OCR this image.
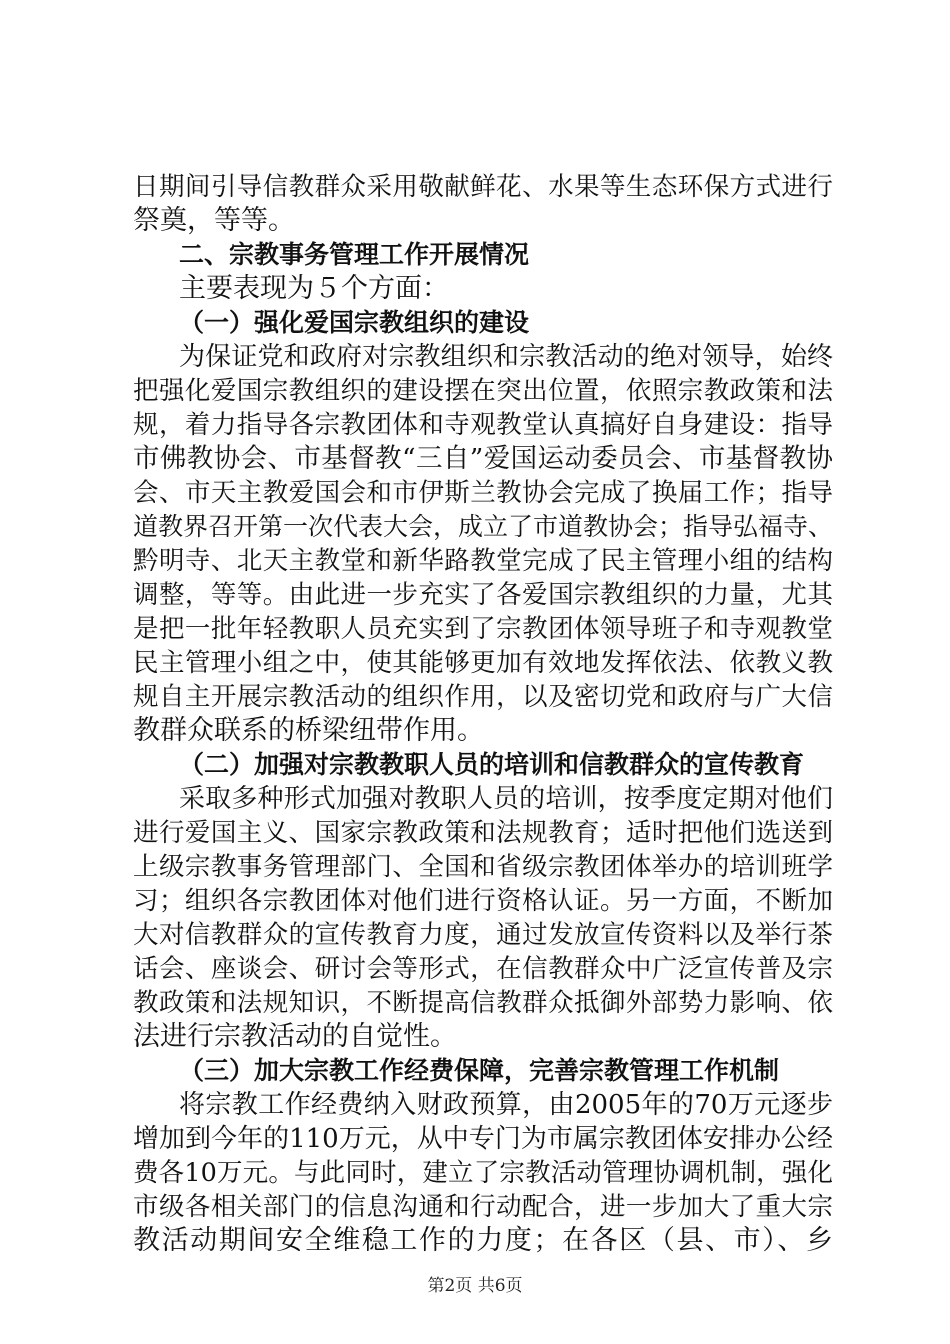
日期间引导信教群众采用敬献鲜花、水果等生态环保方式进行
祭奠，等等。
二、宗教事务管理工作开展情况
主要表现为５个方面：
（一）强化爱国宗教组织的建设
为保证党和政府对宗教组织和宗教活动的绝对领导，始终
把强化爱国宗教组织的建设摆在突出位置，依照宗教政策和法
规，着力指导各宗教团体和寺观教堂认真搞好自身建设：指导
市佛教协会、市基督教“三自”爱国运动委员会、市基督教协
会、市天主教爱国会和市伊斯兰教协会完成了换届工作；指导
道教界召开第一次代表大会，成立了市道教协会；指导弘福寺、
黔明寺、北天主教堂和新华路教堂完成了民主管理小组的结构
调整，等等。由此进一步充实了各爱国宗教组织的力量，尤其
是把一批年轻教职人员充实到了宗教团体领导班子和寺观教堂
民主管理小组之中，使其能够更加有效地发挥依法、依教义教
规自主开展宗教活动的组织作用，以及密切党和政府与广大信
教群众联系的桥梁纽带作用。
（二）加强对宗教教职人员的培训和信教群众的宣传教育
采取多种形式加强对教职人员的培训，按季度定期对他们
进行爱国主义、国家宗教政策和法规教育；适时把他们选送到
上级宗教事务管理部门、全国和省级宗教团体举办的培训班学
习；组织各宗教团体对他们进行资格认证。另一方面，不断加
大对信教群众的宣传教育力度，通过发放宣传资料以及举行茶
话会、座谈会、研讨会等形式，在信教群众中广泛宣传普及宗
教政策和法规知识，不断提高信教群众抵御外部势力影响、依
法进行宗教活动的自觉性。
（三）加大宗教工作经费保障，完善宗教管理工作机制
将宗教工作经费纳入财政预算，由2005年的70万元逐步
增加到今年的110万元，从中专门为市属宗教团体安排办公经
费各10万元。与此同时，建立了宗教活动管理协调机制，强化
市级各相关部门的信息沟通和行动配合，进一步加大了重大宗
教活动期间安全维稳工作的力度；在各区（县、市）、乡
第2页 共6页
